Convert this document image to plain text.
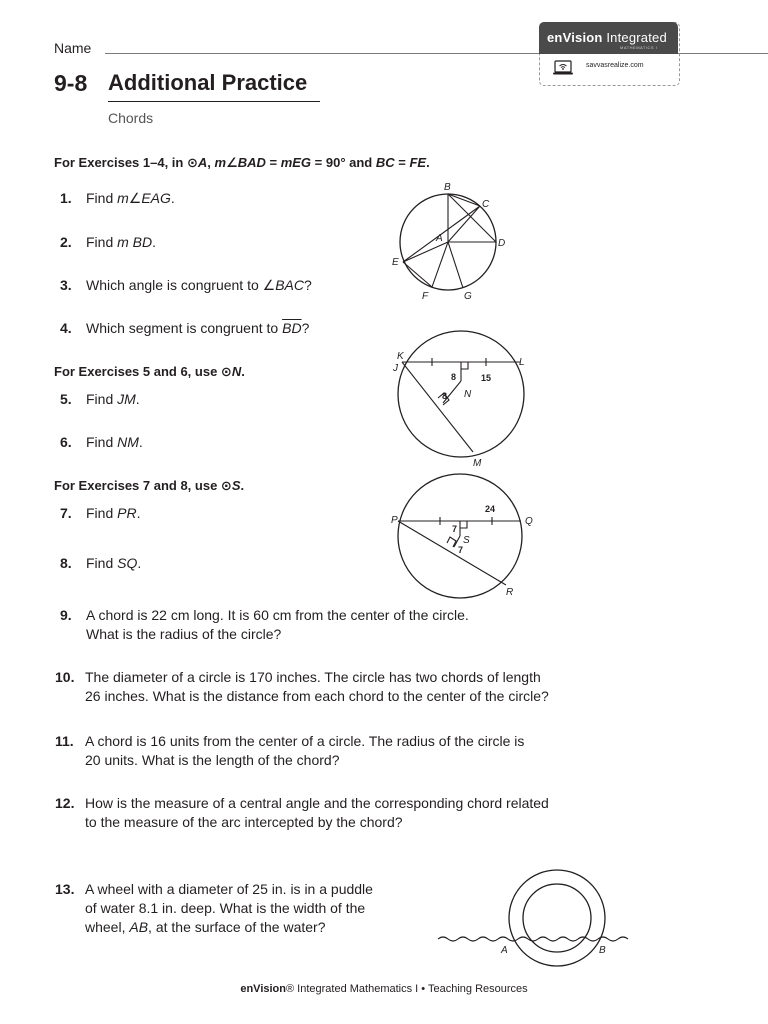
Name
9-8 Additional Practice
Chords
enVision Integrated
MATHEMATICS I
savvasrealize.com
For Exercises 1–4, in ⊙A, m∠BAD = mEG = 90° and BC = FE.
1. Find m∠EAG.
2. Find m BD.
3. Which angle is congruent to ∠BAC?
4. Which segment is congruent to $\overline{BD}$?
For Exercises 5 and 6, use ⊙N.
5. Find JM.
6. Find NM.
For Exercises 7 and 8, use ⊙S.
7. Find PR.
8. Find SQ.
9. A chord is 22 cm long. It is 60 cm from the center of the circle.
What is the radius of the circle?
10. The diameter of a circle is 170 inches. The circle has two chords of length
26 inches. What is the distance from each chord to the center of the circle?
11. A chord is 16 units from the center of a circle. The radius of the circle is
20 units. What is the length of the chord?
12. How is the measure of a central angle and the corresponding chord related
to the measure of the arc intercepted by the chord?
13. A wheel with a diameter of 25 in. is in a puddle
of water 8.1 in. deep. What is the width of the
wheel, AB, at the surface of the water?
B
C
A	D
E
F	G
K
J
L
N
M
8	15
8
P	Q
R
S
24
7
7
A	B
enVision® Integrated Mathematics I • Teaching Resources
